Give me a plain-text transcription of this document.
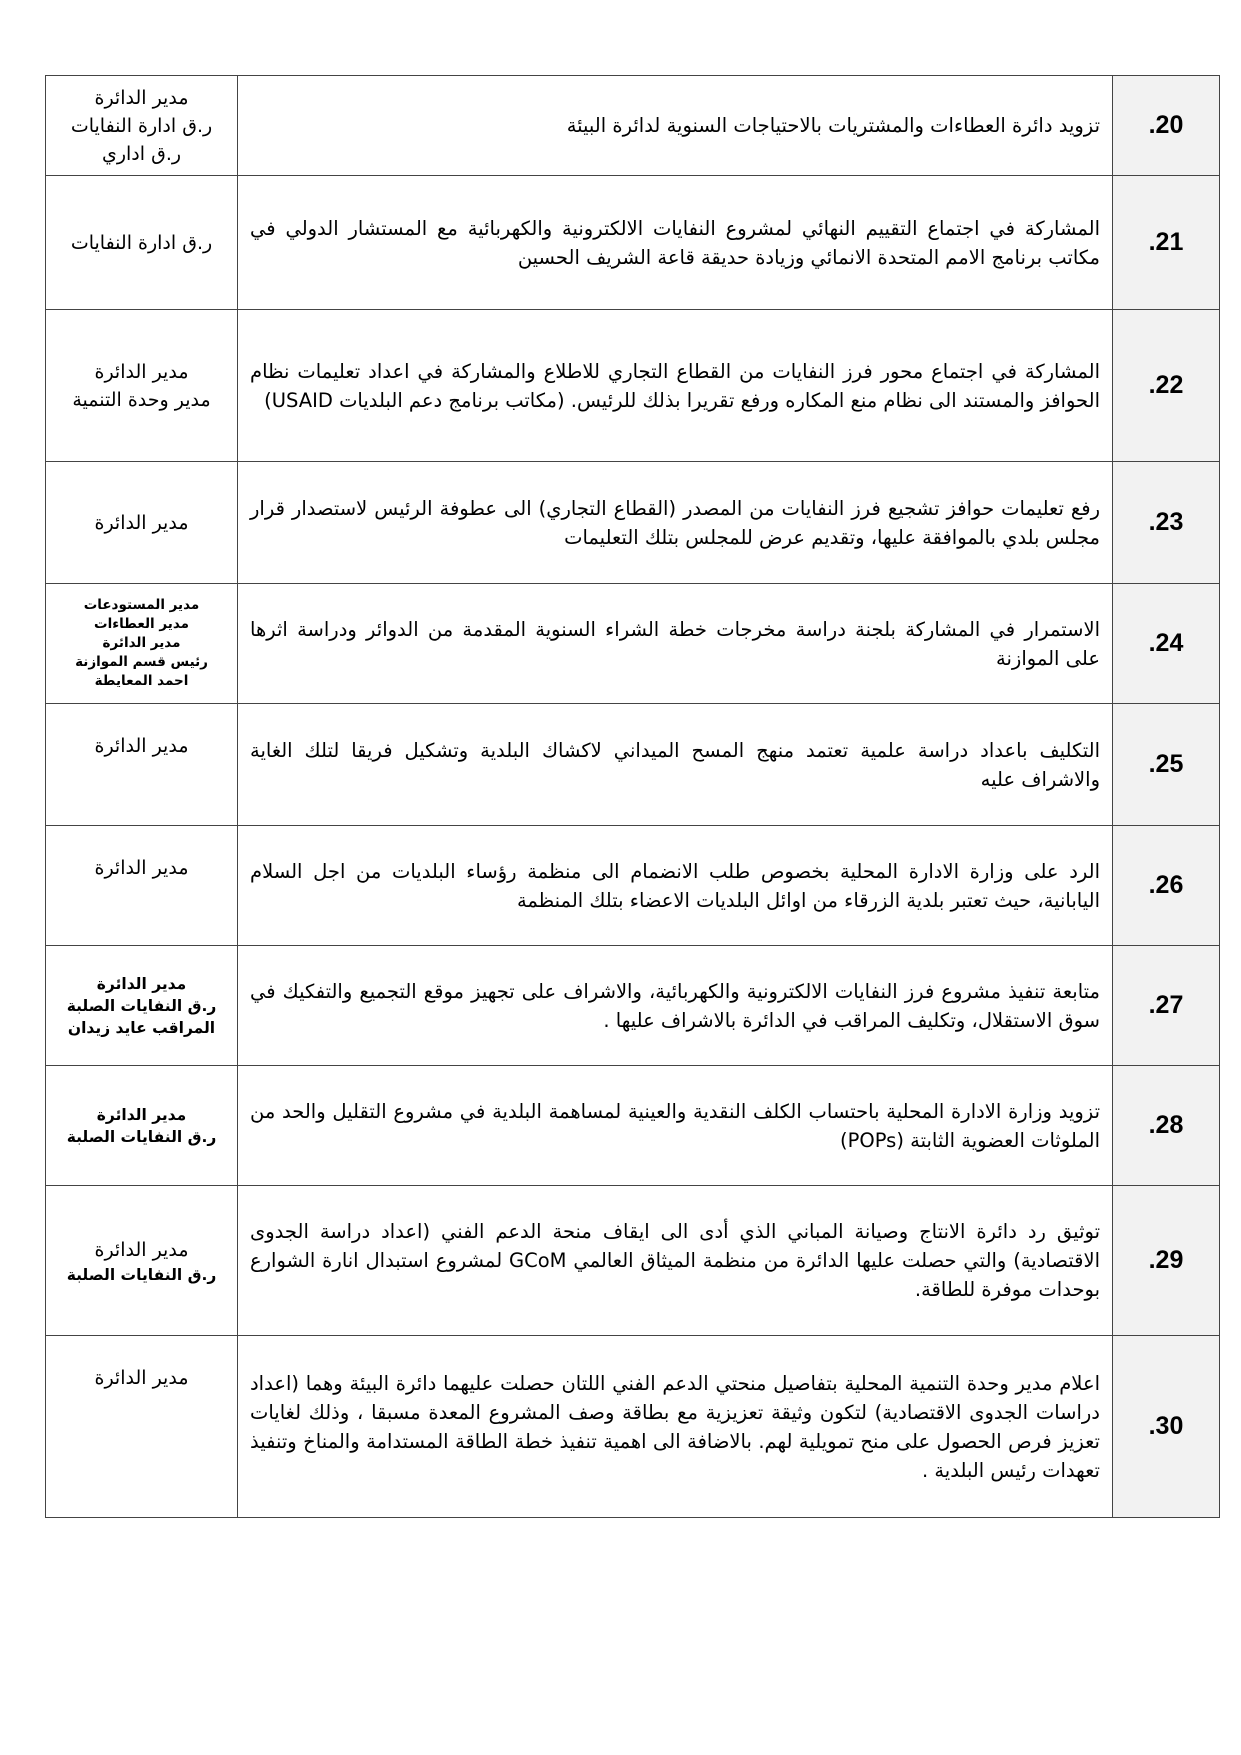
مدير الدائرة
ر.ق ادارة النفايات
ر.ق اداري	تزويد دائرة العطاءات والمشتريات بالاحتياجات السنوية لدائرة البيئة	.20

ر.ق ادارة النفايات	المشاركة في اجتماع التقييم النهائي لمشروع النفايات الالكترونية والكهربائية مع المستشار الدولي في مكاتب برنامج الامم المتحدة الانمائي وزيادة حديقة قاعة الشريف الحسين	.21

مدير الدائرة
مدير وحدة التنمية	المشاركة في اجتماع محور فرز النفايات من القطاع التجاري للاطلاع والمشاركة في اعداد تعليمات نظام الحوافز والمستند الى نظام منع المكاره ورفع تقريرا بذلك للرئيس. (مكاتب برنامج دعم البلديات USAID)	.22

مدير الدائرة	رفع تعليمات حوافز تشجيع فرز النفايات من المصدر (القطاع التجاري) الى عطوفة الرئيس لاستصدار قرار مجلس بلدي بالموافقة عليها، وتقديم عرض للمجلس بتلك التعليمات	.23

مدير المستودعات
مدير العطاءات
مدير الدائرة
رئيس قسم الموازنة
احمد المعايطة	الاستمرار في المشاركة بلجنة دراسة مخرجات خطة الشراء السنوية المقدمة من الدوائر ودراسة اثرها على الموازنة	.24

مدير الدائرة	التكليف باعداد دراسة علمية تعتمد منهج المسح الميداني لاكشاك البلدية وتشكيل فريقا لتلك الغاية والاشراف عليه	.25

مدير الدائرة	الرد على وزارة الادارة المحلية بخصوص طلب الانضمام الى منظمة رؤساء البلديات من اجل السلام اليابانية، حيث تعتبر بلدية الزرقاء من اوائل البلديات الاعضاء بتلك المنظمة	.26

مدير الدائرة
ر.ق النفايات الصلبة
المراقب عايد زيدان	متابعة تنفيذ مشروع فرز النفايات الالكترونية والكهربائية، والاشراف على تجهيز موقع التجميع والتفكيك في سوق الاستقلال، وتكليف المراقب في الدائرة بالاشراف عليها .	.27

مدير الدائرة
ر.ق النفايات الصلبة	تزويد وزارة الادارة المحلية باحتساب الكلف النقدية والعينية لمساهمة البلدية في مشروع التقليل والحد من الملوثات العضوية الثابتة (POPs)	.28

مدير الدائرة
ر.ق النفايات الصلبة	توثيق رد دائرة الانتاج وصيانة المباني الذي أدى الى ايقاف منحة الدعم الفني (اعداد دراسة الجدوى الاقتصادية) والتي حصلت عليها الدائرة من منظمة الميثاق العالمي GCoM لمشروع استبدال انارة الشوارع بوحدات موفرة للطاقة.	.29

مدير الدائرة	اعلام مدير وحدة التنمية المحلية بتفاصيل منحتي الدعم الفني اللتان حصلت عليهما دائرة البيئة وهما (اعداد دراسات الجدوى الاقتصادية) لتكون وثيقة تعزيزية مع بطاقة وصف المشروع المعدة مسبقا ، وذلك لغايات تعزيز فرص الحصول على منح تمويلية لهم. بالاضافة الى اهمية تنفيذ خطة الطاقة المستدامة والمناخ وتنفيذ تعهدات رئيس البلدية .	.30
